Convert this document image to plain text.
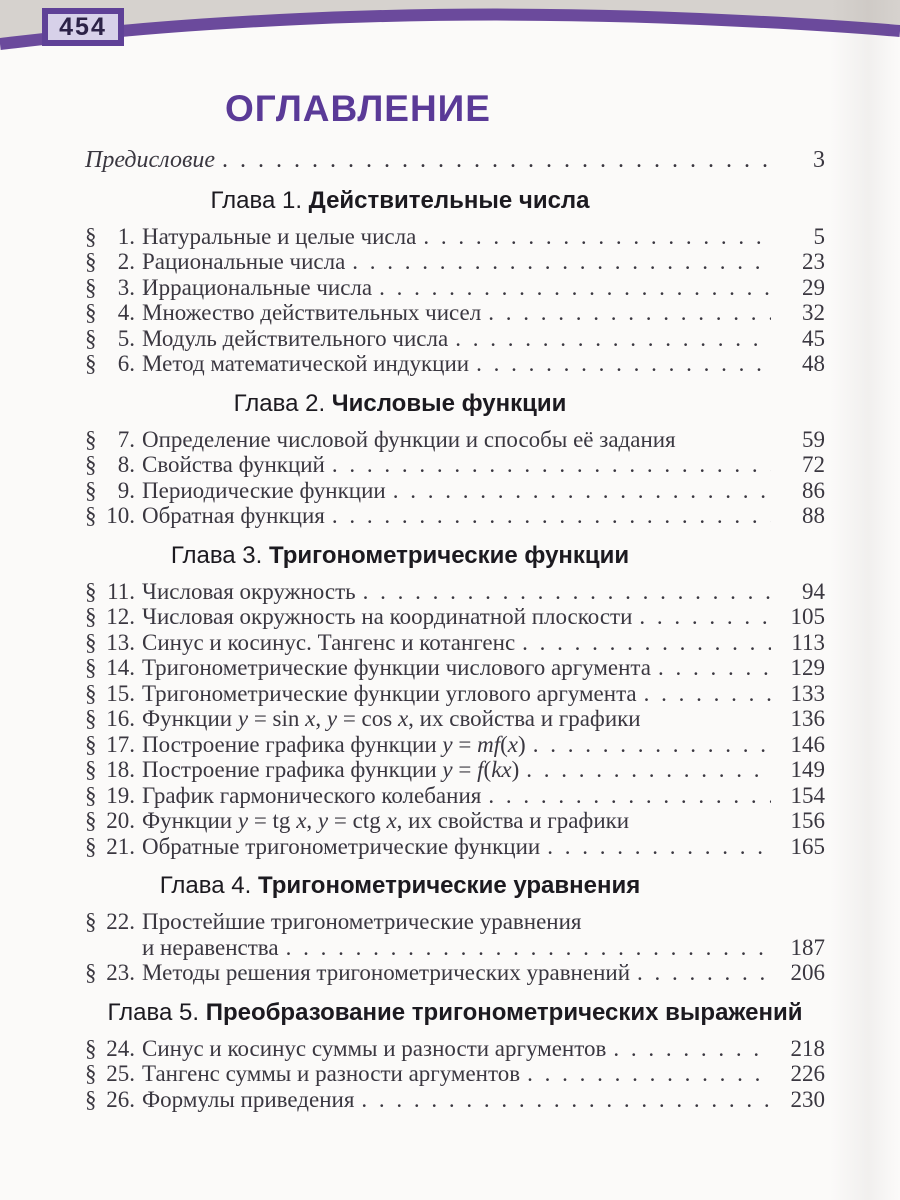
454
ОГЛАВЛЕНИЕ
Предисловие . . .	3
Глава 1. Действительные числа
§ 1. Натуральные и целые числа . . .	5
§ 2. Рациональные числа . . .	23
§ 3. Иррациональные числа . . .	29
§ 4. Множество действительных чисел . . .	32
§ 5. Модуль действительного числа . . .	45
§ 6. Метод математической индукции . . .	48
Глава 2. Числовые функции
§ 7. Определение числовой функции и способы её задания	59
§ 8. Свойства функций . . .	72
§ 9. Периодические функции . . .	86
§ 10. Обратная функция . . .	88
Глава 3. Тригонометрические функции
§ 11. Числовая окружность . . .	94
§ 12. Числовая окружность на координатной плоскости . . .	105
§ 13. Синус и косинус. Тангенс и котангенс . . .	113
§ 14. Тригонометрические функции числового аргумента . . .	129
§ 15. Тригонометрические функции углового аргумента . . .	133
§ 16. Функции y = sin x, y = cos x, их свойства и графики	136
§ 17. Построение графика функции y = mf(x) . . .	146
§ 18. Построение графика функции y = f(kx) . . .	149
§ 19. График гармонического колебания . . .	154
§ 20. Функции y = tg x, y = ctg x, их свойства и графики	156
§ 21. Обратные тригонометрические функции . . .	165
Глава 4. Тригонометрические уравнения
§ 22. Простейшие тригонометрические уравнения
и неравенства . . .	187
§ 23. Методы решения тригонометрических уравнений . . .	206
Глава 5. Преобразование тригонометрических выражений
§ 24. Синус и косинус суммы и разности аргументов . . .	218
§ 25. Тангенс суммы и разности аргументов . . .	226
§ 26. Формулы приведения . . .	230
